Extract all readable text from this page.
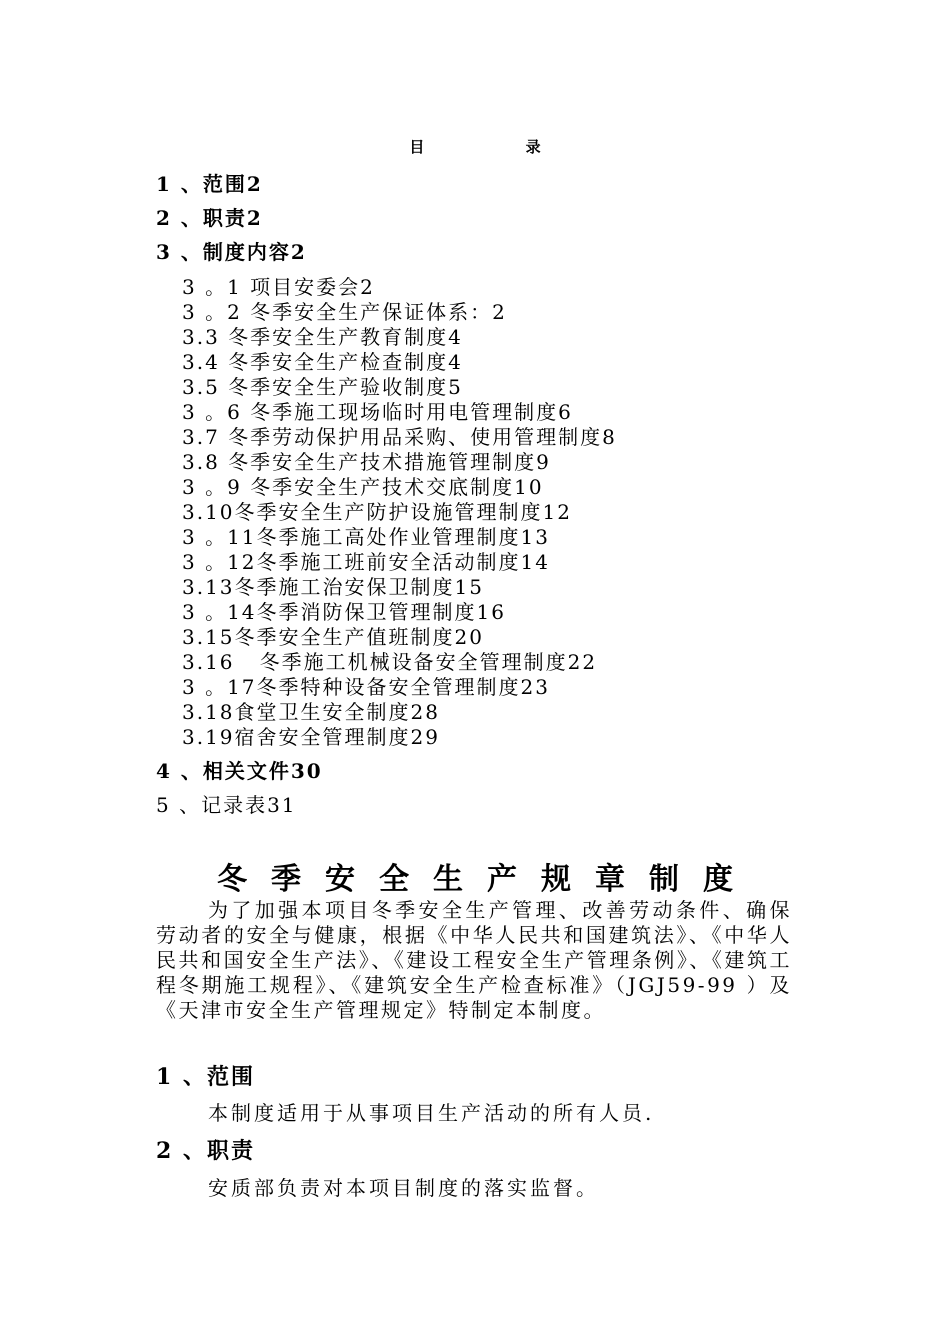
目 录
1 、范围2
2 、职责2
3 、制度内容2
3 。1 项目安委会2
3 。2 冬季安全生产保证体系：2
3.3 冬季安全生产教育制度4
3.4 冬季安全生产检查制度4
3.5 冬季安全生产验收制度5
3 。6 冬季施工现场临时用电管理制度6
3.7 冬季劳动保护用品采购、使用管理制度8
3.8 冬季安全生产技术措施管理制度9
3 。9 冬季安全生产技术交底制度10
3.10冬季安全生产防护设施管理制度12
3 。11冬季施工高处作业管理制度13
3 。12冬季施工班前安全活动制度14
3.13冬季施工治安保卫制度15
3 。14冬季消防保卫管理制度16
3.15冬季安全生产值班制度20
3.16   冬季施工机械设备安全管理制度22
3 。17冬季特种设备安全管理制度23
3.18食堂卫生安全制度28
3.19宿舍安全管理制度29
4 、相关文件30
5 、记录表31
冬季安全生产规章制度
为了加强本项目冬季安全生产管理、改善劳动条件、确保劳动者的安全与健康，根据《中华人民共和国建筑法》、《中华人民共和国安全生产法》、《建设工程安全生产管理条例》、《建筑工程冬期施工规程》、《建筑安全生产检查标准》（JGJ59-99 ）及《天津市安全生产管理规定》特制定本制度。
1 、范围
本制度适用于从事项目生产活动的所有人员.
2 、职责
安质部负责对本项目制度的落实监督。
